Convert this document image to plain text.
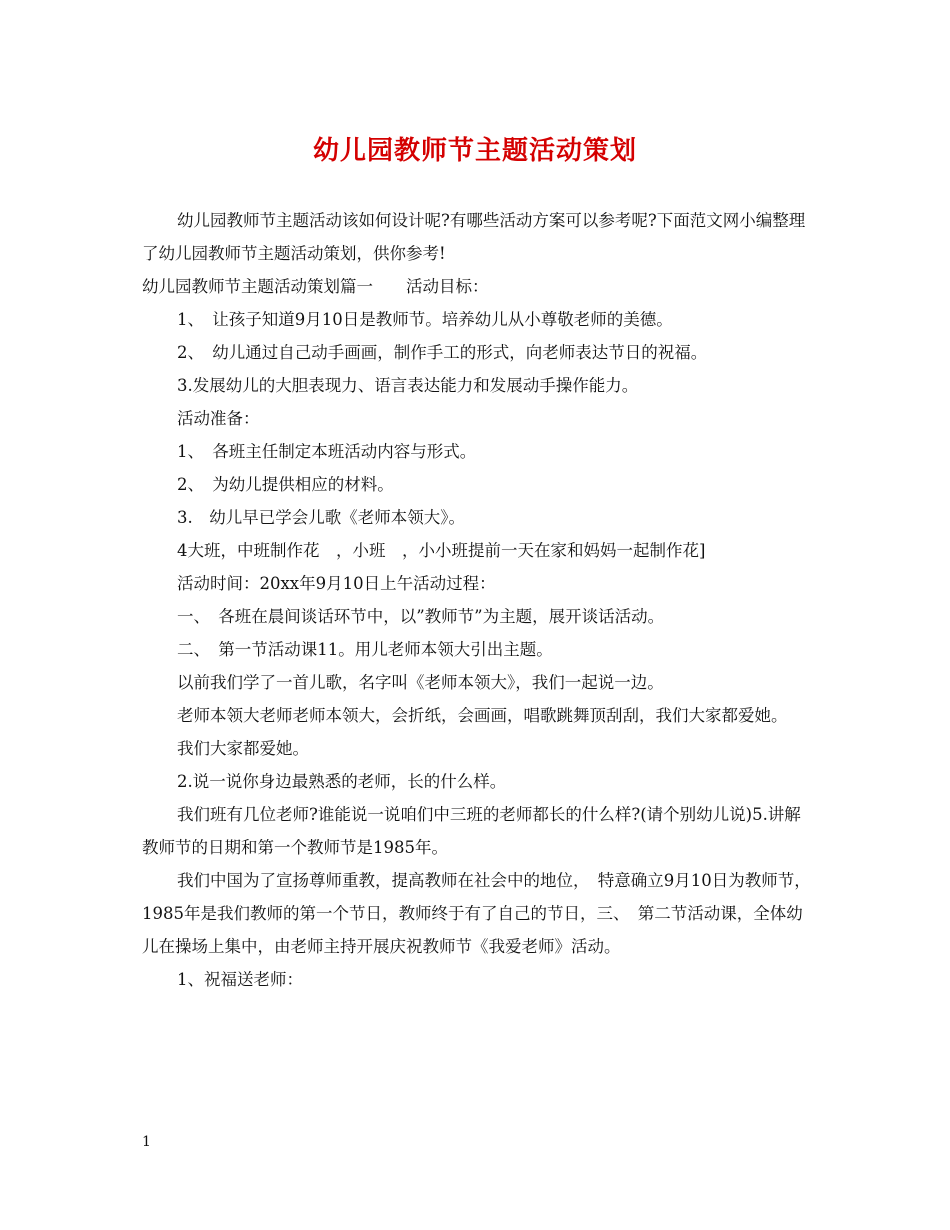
幼儿园教师节主题活动策划

幼儿园教师节主题活动该如何设计呢?有哪些活动方案可以参考呢?下面范文网小编整理了幼儿园教师节主题活动策划，供你参考!

幼儿园教师节主题活动策划篇一　　活动目标：

1、　让孩子知道9月10日是教师节。培养幼儿从小尊敬老师的美德。

2、　幼儿通过自己动手画画，制作手工的形式，向老师表达节日的祝福。

3.发展幼儿的大胆表现力、语言表达能力和发展动手操作能力。

活动准备：

1、　各班主任制定本班活动内容与形式。

2、　为幼儿提供相应的材料。

3.　幼儿早已学会儿歌《老师本领大》。

4大班，中班制作花　，小班　，小小班提前一天在家和妈妈一起制作花]

活动时间：20xx年9月10日上午活动过程：

一、　各班在晨间谈话环节中，以”教师节”为主题，展开谈话活动。

二、　第一节活动课11。用儿老师本领大引出主题。

以前我们学了一首儿歌，名字叫《老师本领大》，我们一起说一边。

老师本领大老师老师本领大，会折纸，会画画，唱歌跳舞顶刮刮，我们大家都爱她。

我们大家都爱她。

2.说一说你身边最熟悉的老师，长的什么样。

我们班有几位老师?谁能说一说咱们中三班的老师都长的什么样?(请个别幼儿说)5.讲解教师节的日期和第一个教师节是1985年。

我们中国为了宣扬尊师重教，提高教师在社会中的地位，　特意确立9月10日为教师节，1985年是我们教师的第一个节日，教师终于有了自己的节日，三、　第二节活动课，全体幼儿在操场上集中，由老师主持开展庆祝教师节《我爱老师》活动。

1、祝福送老师：

1
